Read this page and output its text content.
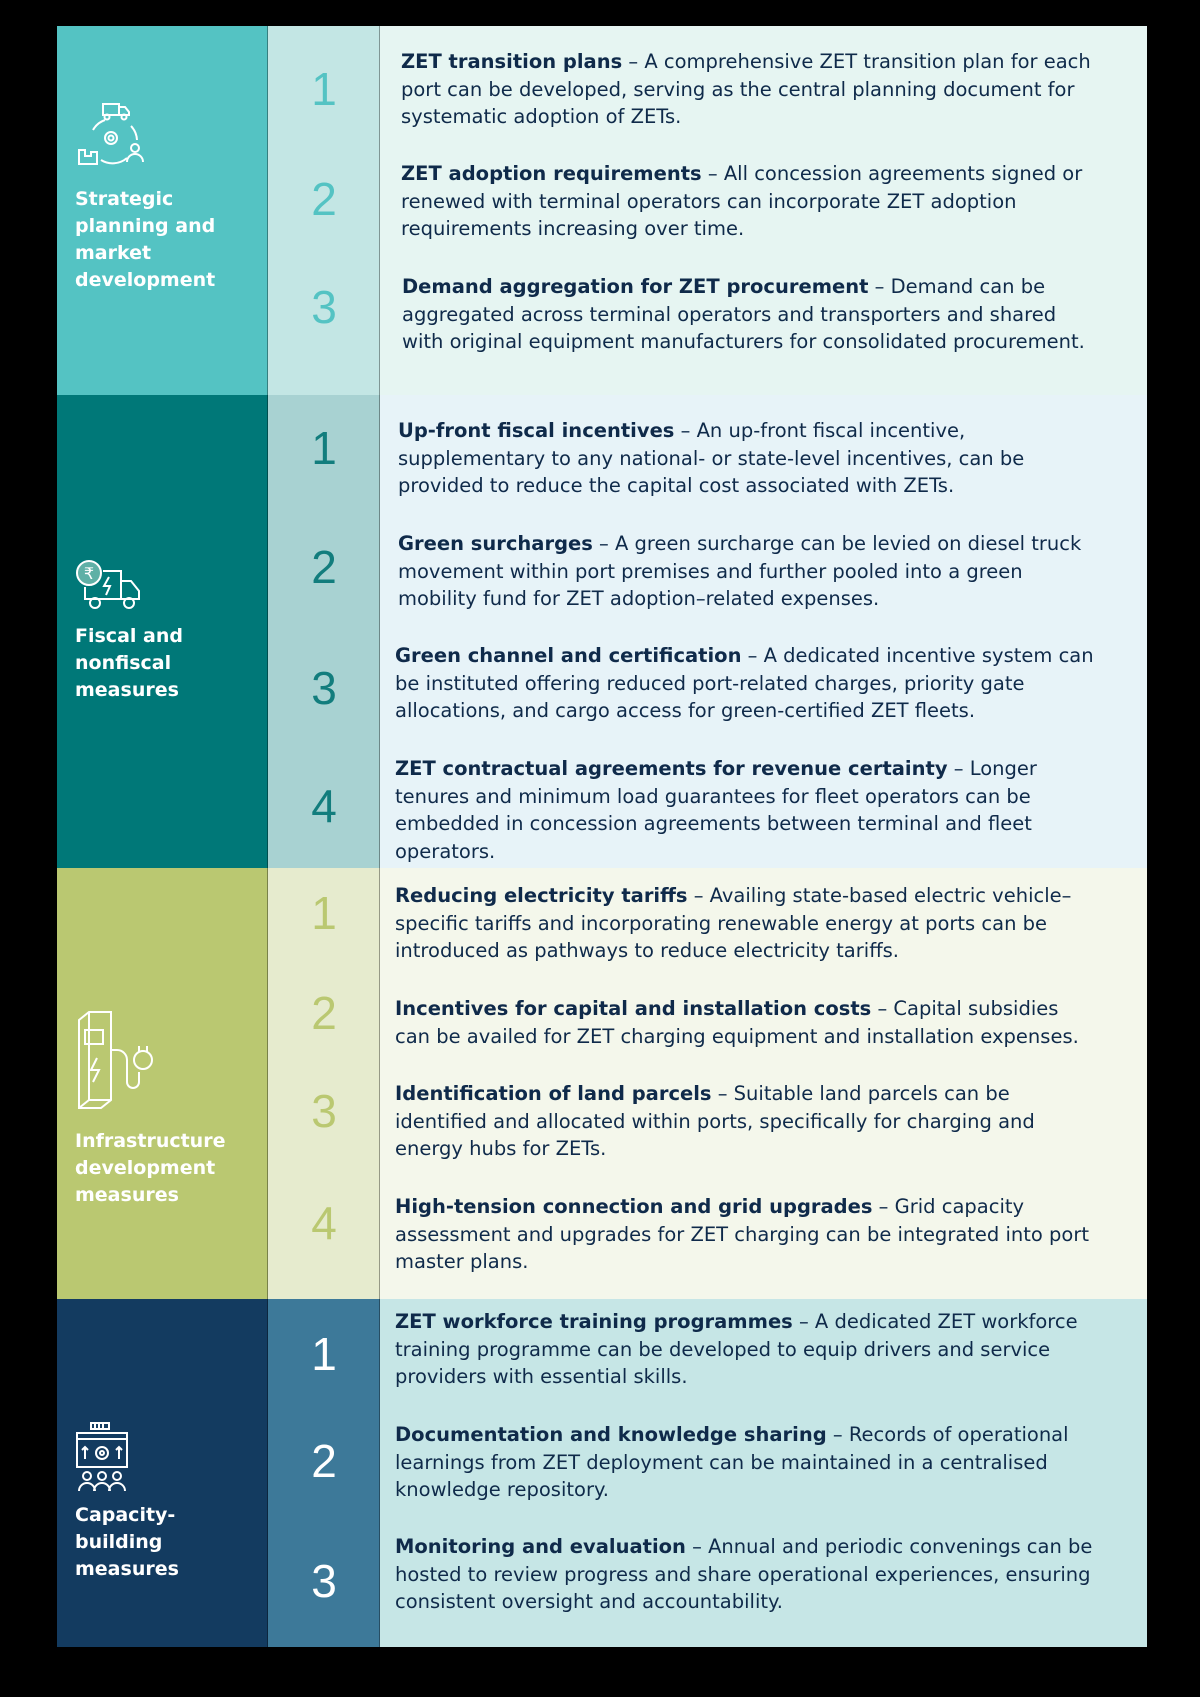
Strategic
planning and
market
development
1
2
3
ZET transition plans – A comprehensive ZET transition plan for each port can be developed, serving as the central planning document for systematic adoption of ZETs.
ZET adoption requirements – All concession agreements signed or renewed with terminal operators can incorporate ZET adoption requirements increasing over time.
Demand aggregation for ZET procurement – Demand can be aggregated across terminal operators and transporters and shared with original equipment manufacturers for consolidated procurement.
₹
Fiscal and
nonfiscal
measures
1
2
3
4
Up-front fiscal incentives – An up-front fiscal incentive, supplementary to any national- or state-level incentives, can be provided to reduce the capital cost associated with ZETs.
Green surcharges – A green surcharge can be levied on diesel truck movement within port premises and further pooled into a green mobility fund for ZET adoption–related expenses.
Green channel and certification – A dedicated incentive system can be instituted offering reduced port-related charges, priority gate allocations, and cargo access for green-certified ZET fleets.
ZET contractual agreements for revenue certainty – Longer tenures and minimum load guarantees for fleet operators can be embedded in concession agreements between terminal and fleet operators.
Infrastructure
development
measures
1
2
3
4
Reducing electricity tariffs – Availing state-based electric vehicle–specific tariffs and incorporating renewable energy at ports can be introduced as pathways to reduce electricity tariffs.
Incentives for capital and installation costs – Capital subsidies can be availed for ZET charging equipment and installation expenses.
Identification of land parcels – Suitable land parcels can be identified and allocated within ports, specifically for charging and energy hubs for ZETs.
High-tension connection and grid upgrades – Grid capacity assessment and upgrades for ZET charging can be integrated into port master plans.
Capacity-
building
measures
1
2
3
ZET workforce training programmes – A dedicated ZET workforce training programme can be developed to equip drivers and service providers with essential skills.
Documentation and knowledge sharing – Records of operational learnings from ZET deployment can be maintained in a centralised knowledge repository.
Monitoring and evaluation – Annual and periodic convenings can be hosted to review progress and share operational experiences, ensuring consistent oversight and accountability.
